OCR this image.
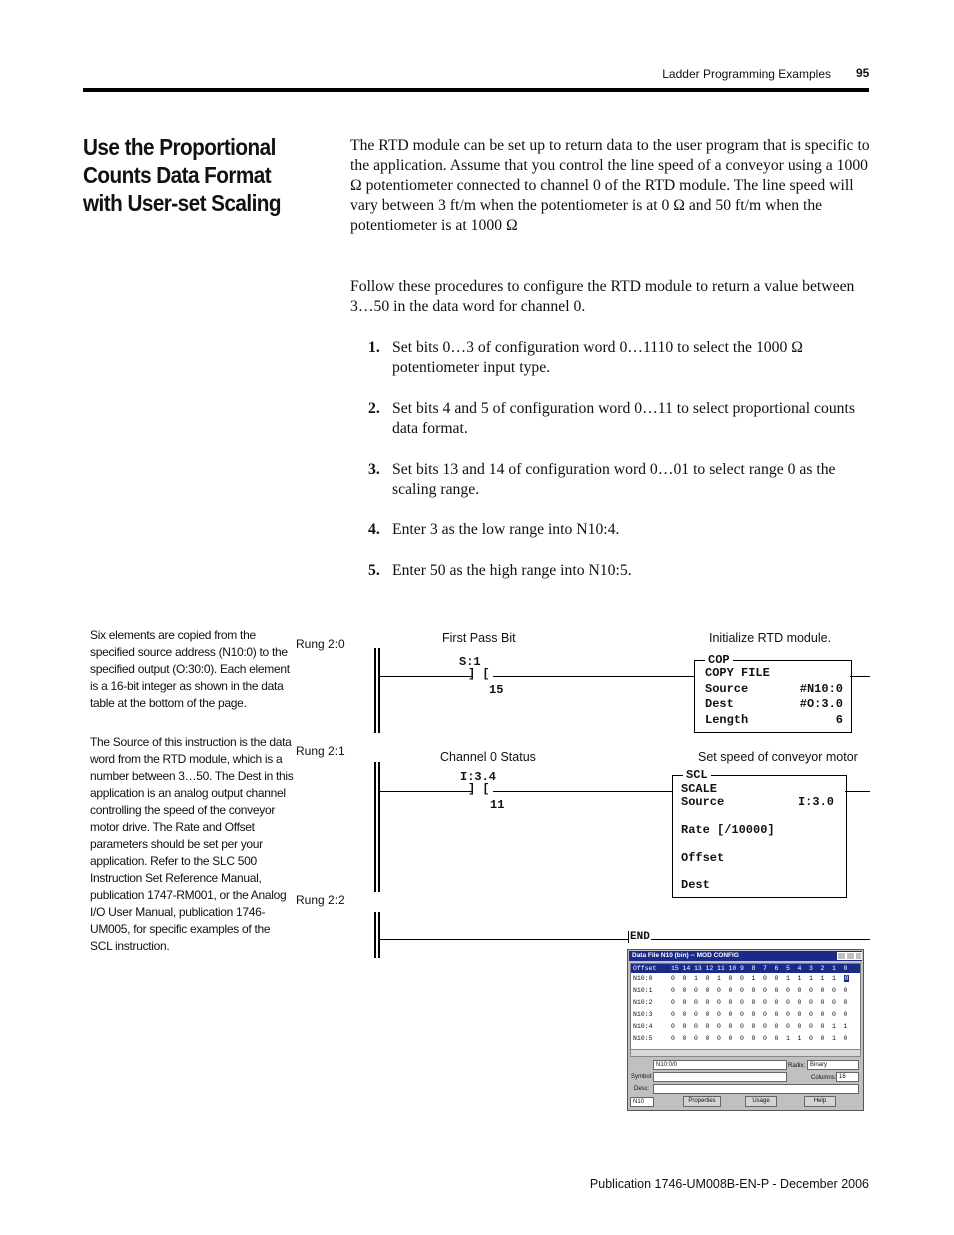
Ladder Programming Examples 95
Use the Proportional Counts Data Format with User-set Scaling
The RTD module can be set up to return data to the user program that is specific to the application. Assume that you control the line speed of a conveyor using a 1000 Ω potentiometer connected to channel 0 of the RTD module. The line speed will vary between 3 ft/m when the potentiometer is at 0 Ω and 50 ft/m when the potentiometer is at 1000 Ω
Follow these procedures to configure the RTD module to return a value between 3…50 in the data word for channel 0.
1. Set bits 0…3 of configuration word 0…1110 to select the 1000 Ω potentiometer input type.
2. Set bits 4 and 5 of configuration word 0…11 to select proportional counts data format.
3. Set bits 13 and 14 of configuration word 0…01 to select range 0 as the scaling range.
4. Enter 3 as the low range into N10:4.
5. Enter 50 as the high range into N10:5.
Six elements are copied from the specified source address (N10:0) to the specified output (O:30:0). Each element is a 16-bit integer as shown in the data table at the bottom of the page.
The Source of this instruction is the data word from the RTD module, which is a number between 3…50. The Dest in this application is an analog output channel controlling the speed of the conveyor motor drive. The Rate and Offset parameters should be set per your application. Refer to the SLC 500 Instruction Set Reference Manual, publication 1747-RM001, or the Analog I/O User Manual, publication 1746-UM005, for specific examples of the SCL instruction.
Rung 2:0
Rung 2:1
Rung 2:2
First Pass Bit
S:1
] [
15
Initialize RTD module.
COP
COPY FILE
Source	#N10:0
Dest	#O:3.0
Length	6
Channel 0 Status
I:3.4
] [
11
Set speed of conveyor motor
SCL
SCALE
Source	I:3.0
Rate [/10000]
Offset
Dest
END
Data File N10 (bin) -- MOD CONFIG
Offset 15 14 13 12 11 10 9 8 7 6 5 4 3 2 1 0
N10:0	0 0 1 0 1 0 0 1 0 0 1 1 1 1 1 0
N10:1	0 0 0 0 0 0 0 0 0 0 0 0 0 0 0 0
N10:2	0 0 0 0 0 0 0 0 0 0 0 0 0 0 0 0
N10:3	0 0 0 0 0 0 0 0 0 0 0 0 0 0 0 0
N10:4	0 0 0 0 0 0 0 0 0 0 0 0 0 0 1 1
N10:5	0 0 0 0 0 0 0 0 0 0 1 1 0 0 1 0
N10:0/0	Radix: Binary
Symbol:	Columns: 16
Desc:
N10	Properties	Usage	Help
Publication 1746-UM008B-EN-P - December 2006
